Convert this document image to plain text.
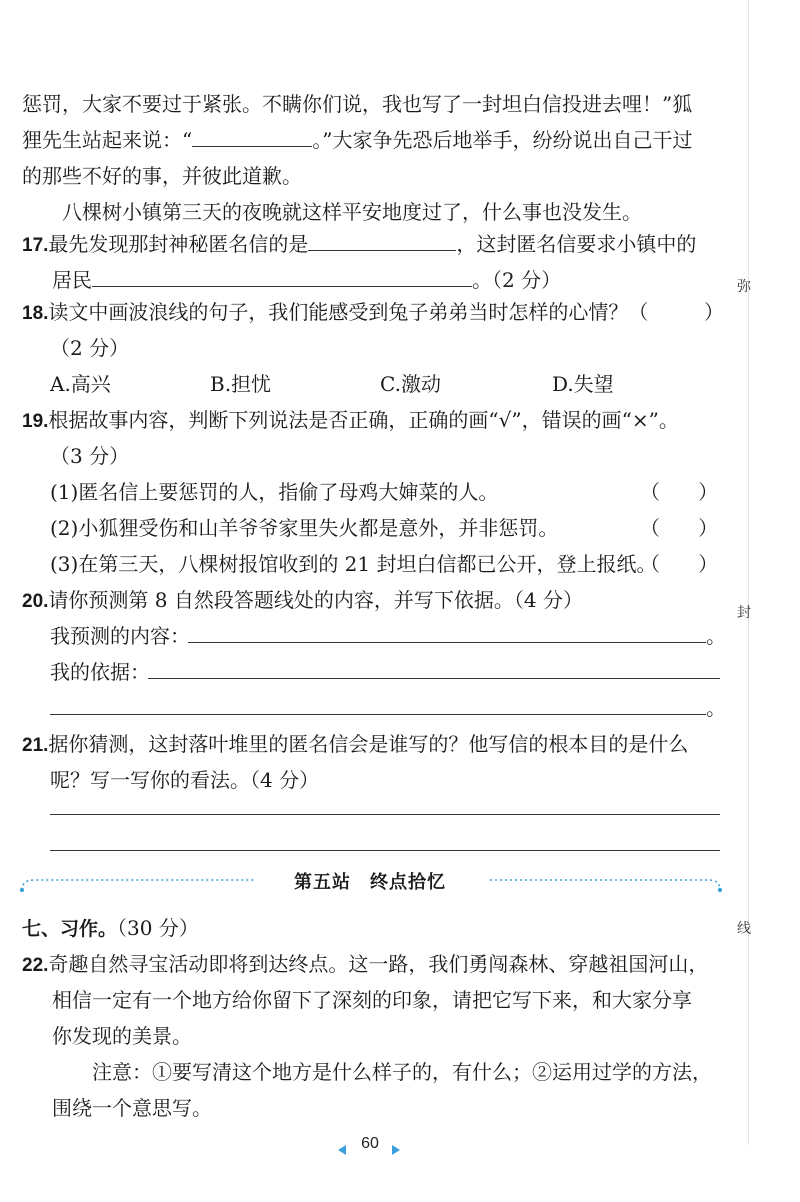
弥
封
线
惩罚，大家不要过于紧张。不瞒你们说，我也写了一封坦白信投进去哩！”狐
狸先生站起来说：“	。”大家争先恐后地举手，纷纷说出自己干过
的那些不好的事，并彼此道歉。
八棵树小镇第三天的夜晚就这样平安地度过了，什么事也没发生。
17.最先发现那封神秘匿名信的是	，这封匿名信要求小镇中的
居民	。（2 分）
18.读文中画波浪线的句子，我们能感受到兔子弟弟当时怎样的心情？（	）
（2 分）
A.高兴	B.担忧	C.激动	D.失望
19.根据故事内容，判断下列说法是否正确，正确的画“√”，错误的画“×”。
（3 分）
(1)匿名信上要惩罚的人，指偷了母鸡大婶菜的人。	（      ）
(2)小狐狸受伤和山羊爷爷家里失火都是意外，并非惩罚。	（      ）
(3)在第三天，八棵树报馆收到的 21 封坦白信都已公开，登上报纸。
（      ）
20.请你预测第 8 自然段答题线处的内容，并写下依据。（4 分）
我预测的内容：	。
我的依据：
。
21.据你猜测，这封落叶堆里的匿名信会是谁写的？他写信的根本目的是什么
呢？写一写你的看法。（4 分）
第五站　终点拾忆
七、习作。（30 分）
22.奇趣自然寻宝活动即将到达终点。这一路，我们勇闯森林、穿越祖国河山，
相信一定有一个地方给你留下了深刻的印象，请把它写下来，和大家分享
你发现的美景。
注意：①要写清这个地方是什么样子的，有什么；②运用过学的方法，
围绕一个意思写。
60
